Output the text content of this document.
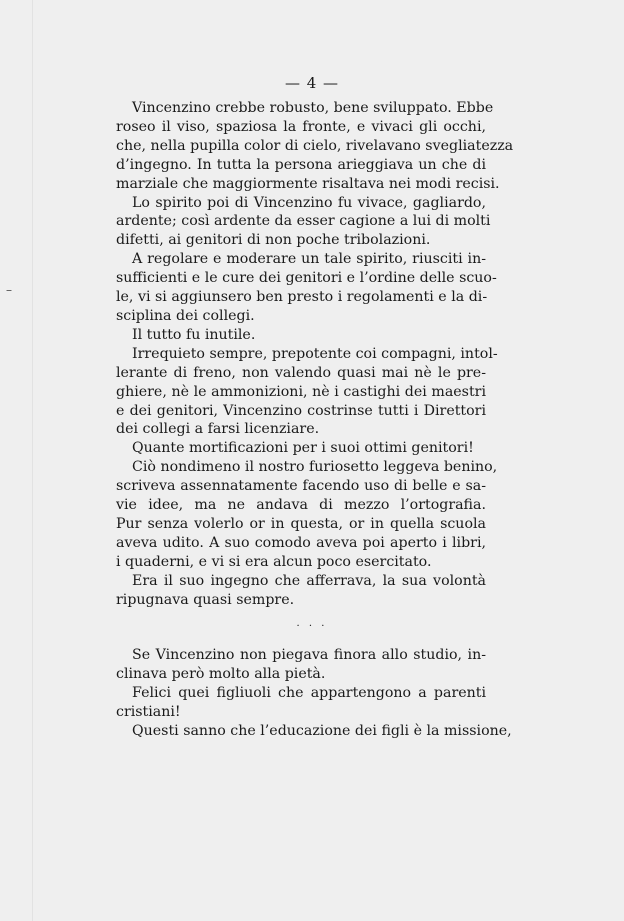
–
— 4 —
Vincenzino crebbe robusto, bene sviluppato. Ebbe
roseo il viso, spaziosa la fronte, e vivaci gli occhi,
che, nella pupilla color di cielo, rivelavano svegliatezza
d’ingegno. In tutta la persona arieggiava un che di
marziale che maggiormente risaltava nei modi recisi.
Lo spirito poi di Vincenzino fu vivace, gagliardo,
ardente; così ardente da esser cagione a lui di molti
difetti, ai genitori di non poche tribolazioni.
A regolare e moderare un tale spirito, riusciti in-
sufficienti e le cure dei genitori e l’ordine delle scuo-
le, vi si aggiunsero ben presto i regolamenti e la di-
sciplina dei collegi.
Il tutto fu inutile.
Irrequieto sempre, prepotente coi compagni, intol-
lerante di freno, non valendo quasi mai nè le pre-
ghiere, nè le ammonizioni, nè i castighi dei maestri
e dei genitori, Vincenzino costrinse tutti i Direttori
dei collegi a farsi licenziare.
Quante mortificazioni per i suoi ottimi genitori!
Ciò nondimeno il nostro furiosetto leggeva benino,
scriveva assennatamente facendo uso di belle e sa-
vie idee, ma ne andava di mezzo l’ortografia.
Pur senza volerlo or in questa, or in quella scuola
aveva udito. A suo comodo aveva poi aperto i libri,
i quaderni, e vi si era alcun poco esercitato.
Era il suo ingegno che afferrava, la sua volontà
ripugnava quasi sempre.
· · ·
Se Vincenzino non piegava finora allo studio, in-
clinava però molto alla pietà.
Felici quei figliuoli che appartengono a parenti
cristiani!
Questi sanno che l’educazione dei figli è la missione,
